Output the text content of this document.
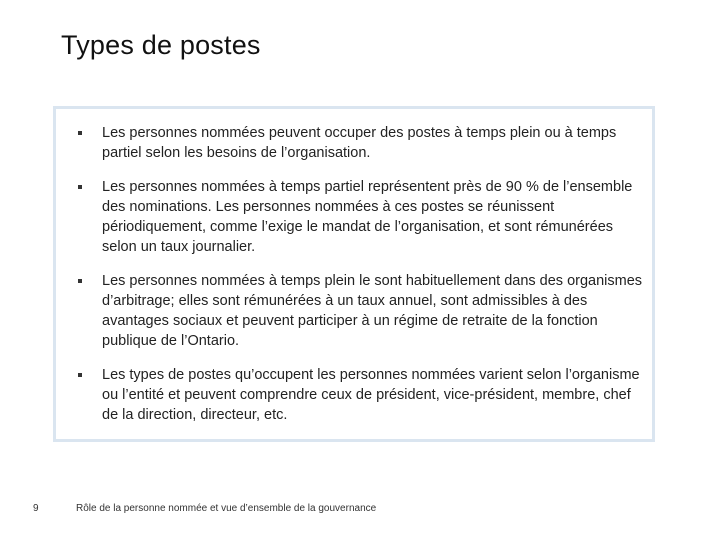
Types de postes
Les personnes nommées peuvent occuper des postes à temps plein ou à temps partiel selon les besoins de l’organisation.
Les personnes nommées à temps partiel représentent près de 90 % de l’ensemble des nominations. Les personnes nommées à ces postes se réunissent périodiquement, comme l’exige le mandat de l’organisation, et sont rémunérées selon un taux journalier.
Les personnes nommées à temps plein le sont habituellement dans des organismes d’arbitrage; elles sont rémunérées à un taux annuel, sont admissibles à des avantages sociaux et peuvent participer à un régime de retraite de la fonction publique de l’Ontario.
Les types de postes qu’occupent les personnes nommées varient selon l’organisme ou l’entité et peuvent comprendre ceux de président, vice-président, membre, chef de la direction, directeur, etc.
9	Rôle de la personne nommée et vue d’ensemble de la gouvernance
